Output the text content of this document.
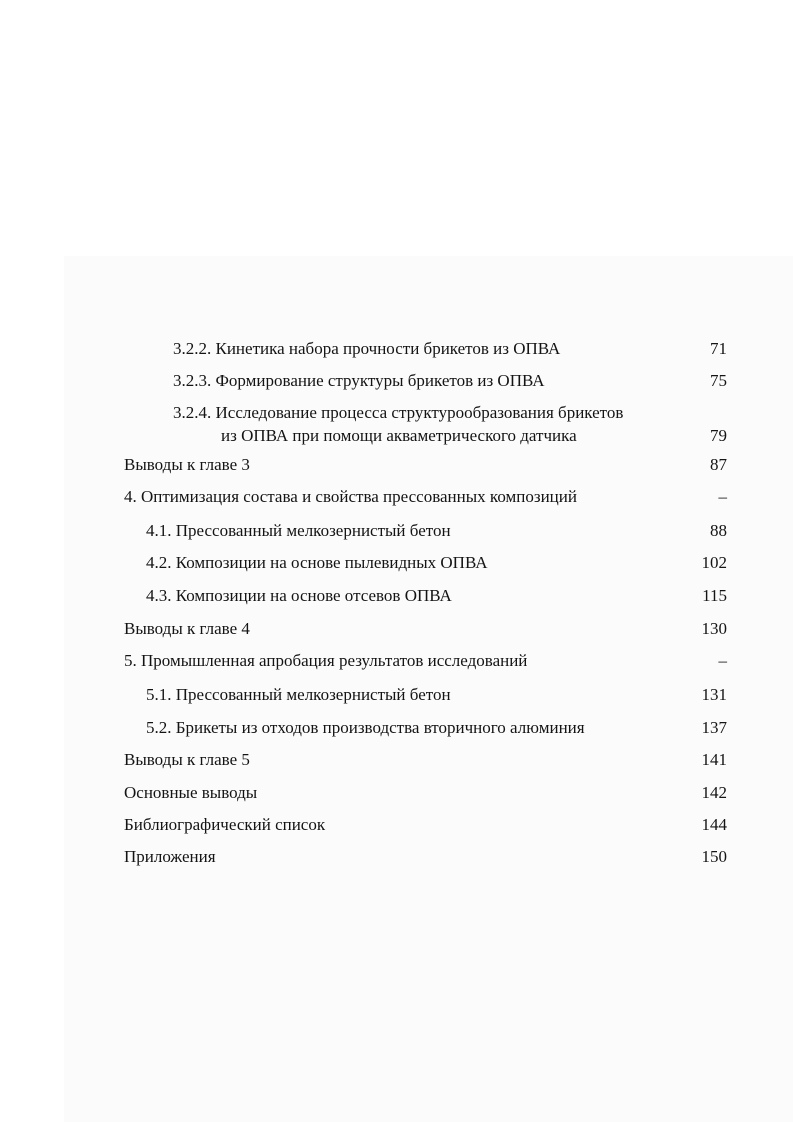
3.2.2. Кинетика набора прочности брикетов из ОПВА	71
3.2.3. Формирование структуры брикетов из ОПВА	75
3.2.4. Исследование процесса структурообразования брикетов
из ОПВА при помощи акваметрического датчика	79
Выводы к главе 3	87
4. Оптимизация состава и свойства прессованных композиций	–
4.1. Прессованный мелкозернистый бетон	88
4.2. Композиции на основе пылевидных ОПВА	102
4.3. Композиции на основе отсевов ОПВА	115
Выводы к главе 4	130
5. Промышленная апробация результатов исследований	–
5.1. Прессованный мелкозернистый бетон	131
5.2. Брикеты из отходов производства вторичного алюминия	137
Выводы к главе 5	141
Основные выводы	142
Библиографический список	144
Приложения	150
